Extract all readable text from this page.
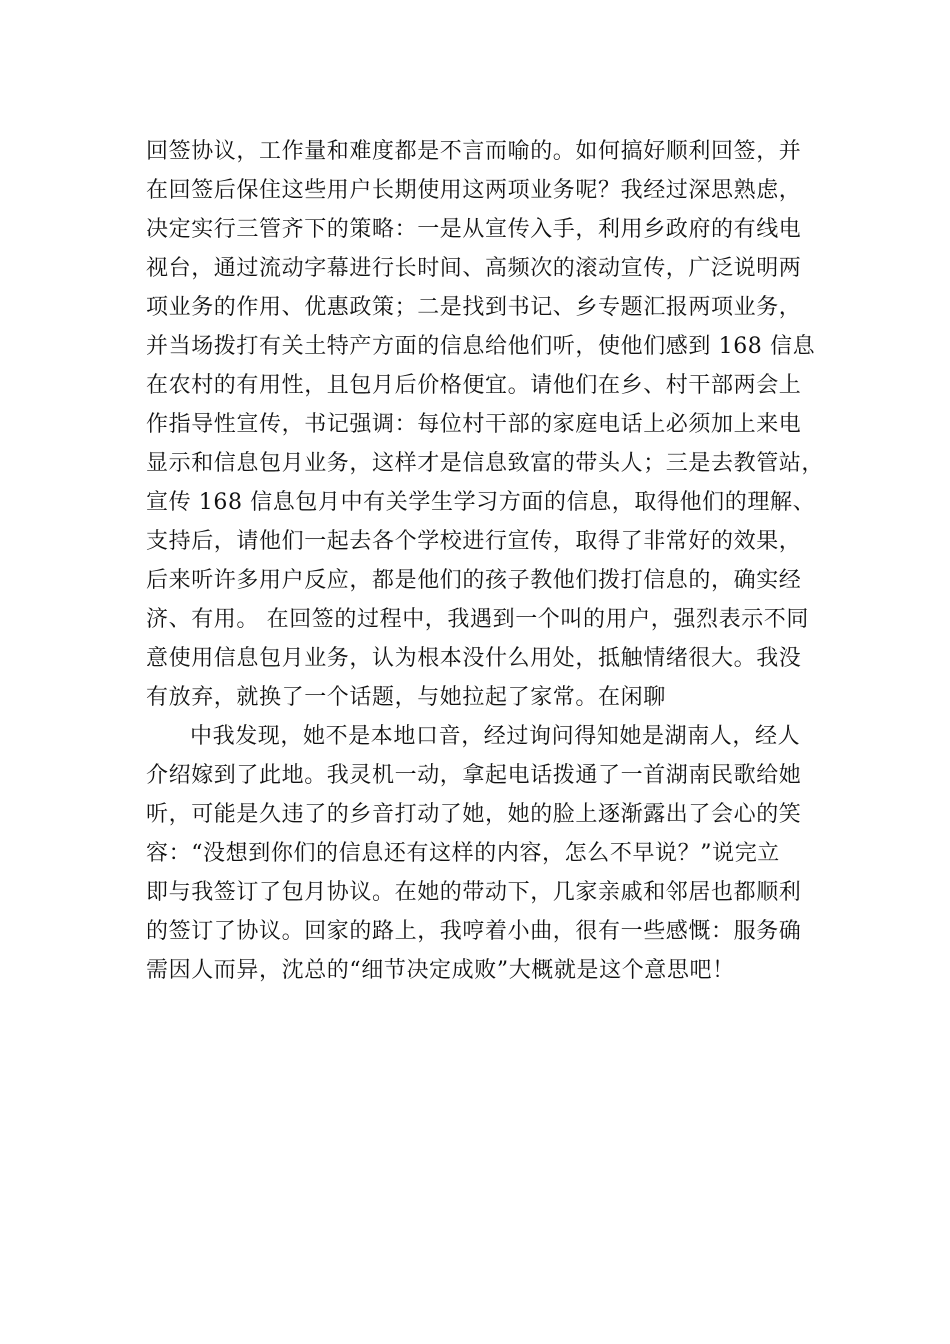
回签协议，工作量和难度都是不言而喻的。如何搞好顺利回签，并
在回签后保住这些用户长期使用这两项业务呢？我经过深思熟虑，
决定实行三管齐下的策略：一是从宣传入手，利用乡政府的有线电
视台，通过流动字幕进行长时间、高频次的滚动宣传，广泛说明两
项业务的作用、优惠政策；二是找到书记、乡专题汇报两项业务，
并当场拨打有关土特产方面的信息给他们听，使他们感到 168 信息
在农村的有用性，且包月后价格便宜。请他们在乡、村干部两会上
作指导性宣传，书记强调：每位村干部的家庭电话上必须加上来电
显示和信息包月业务，这样才是信息致富的带头人；三是去教管站，
宣传 168 信息包月中有关学生学习方面的信息，取得他们的理解、
支持后，请他们一起去各个学校进行宣传，取得了非常好的效果，
后来听许多用户反应，都是他们的孩子教他们拨打信息的，确实经
济、有用。 在回签的过程中，我遇到一个叫的用户，强烈表示不同
意使用信息包月业务，认为根本没什么用处，抵触情绪很大。我没
有放弃，就换了一个话题，与她拉起了家常。在闲聊
中我发现，她不是本地口音，经过询问得知她是湖南人，经人
介绍嫁到了此地。我灵机一动，拿起电话拨通了一首湖南民歌给她
听，可能是久违了的乡音打动了她，她的脸上逐渐露出了会心的笑
容：“没想到你们的信息还有这样的内容，怎么不早说？”说完立
即与我签订了包月协议。在她的带动下，几家亲戚和邻居也都顺利
的签订了协议。回家的路上，我哼着小曲，很有一些感慨：服务确
需因人而异，沈总的“细节决定成败”大概就是这个意思吧！
